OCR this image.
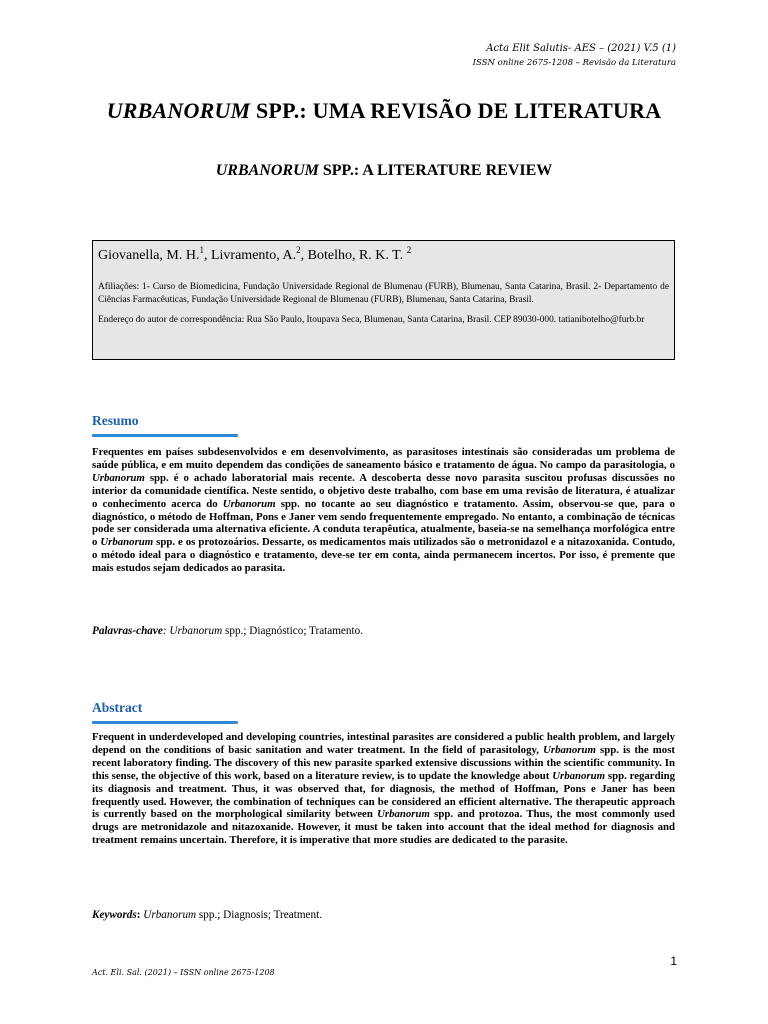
Acta Elit Salutis- AES – (2021) V.5 (1)
ISSN online 2675-1208 – Revisão da Literatura
URBANORUM SPP.: UMA REVISÃO DE LITERATURA
URBANORUM SPP.: A LITERATURE REVIEW
Giovanella, M. H.$^1$, Livramento, A.$^2$, Botelho, R. K. T. $^2$
Afiliações: 1- Curso de Biomedicina, Fundação Universidade Regional de Blumenau (FURB), Blumenau, Santa Catarina, Brasil. 2- Departamento de Ciências Farmacêuticas, Fundação Universidade Regional de Blumenau (FURB), Blumenau, Santa Catarina, Brasil.
Endereço do autor de correspondência: Rua São Paulo, Itoupava Seca, Blumenau, Santa Catarina, Brasil. CEP 89030-000. tatianibotelho@furb.br
Resumo
Frequentes em países subdesenvolvidos e em desenvolvimento, as parasitoses intestinais são consideradas um problema de saúde pública, e em muito dependem das condições de saneamento básico e tratamento de água. No campo da parasitologia, o Urbanorum spp. é o achado laboratorial mais recente. A descoberta desse novo parasita suscitou profusas discussões no interior da comunidade científica. Neste sentido, o objetivo deste trabalho, com base em uma revisão de literatura, é atualizar o conhecimento acerca do Urbanorum spp. no tocante ao seu diagnóstico e tratamento. Assim, observou-se que, para o diagnóstico, o método de Hoffman, Pons e Janer vem sendo frequentemente empregado. No entanto, a combinação de técnicas pode ser considerada uma alternativa eficiente. A conduta terapêutica, atualmente, baseia-se na semelhança morfológica entre o Urbanorum spp. e os protozoários. Dessarte, os medicamentos mais utilizados são o metronidazol e a nitazoxanida. Contudo, o método ideal para o diagnóstico e tratamento, deve-se ter em conta, ainda permanecem incertos. Por isso, é premente que mais estudos sejam dedicados ao parasita.
Palavras-chave: Urbanorum spp.; Diagnóstico; Tratamento.
Abstract
Frequent in underdeveloped and developing countries, intestinal parasites are considered a public health problem, and largely depend on the conditions of basic sanitation and water treatment. In the field of parasitology, Urbanorum spp. is the most recent laboratory finding. The discovery of this new parasite sparked extensive discussions within the scientific community. In this sense, the objective of this work, based on a literature review, is to update the knowledge about Urbanorum spp. regarding its diagnosis and treatment. Thus, it was observed that, for diagnosis, the method of Hoffman, Pons e Janer has been frequently used. However, the combination of techniques can be considered an efficient alternative. The therapeutic approach is currently based on the morphological similarity between Urbanorum spp. and protozoa. Thus, the most commonly used drugs are metronidazole and nitazoxanide. However, it must be taken into account that the ideal method for diagnosis and treatment remains uncertain. Therefore, it is imperative that more studies are dedicated to the parasite.
Keywords: Urbanorum spp.; Diagnosis; Treatment.
1
Act. Eli. Sal. (2021) – ISSN online 2675-1208
